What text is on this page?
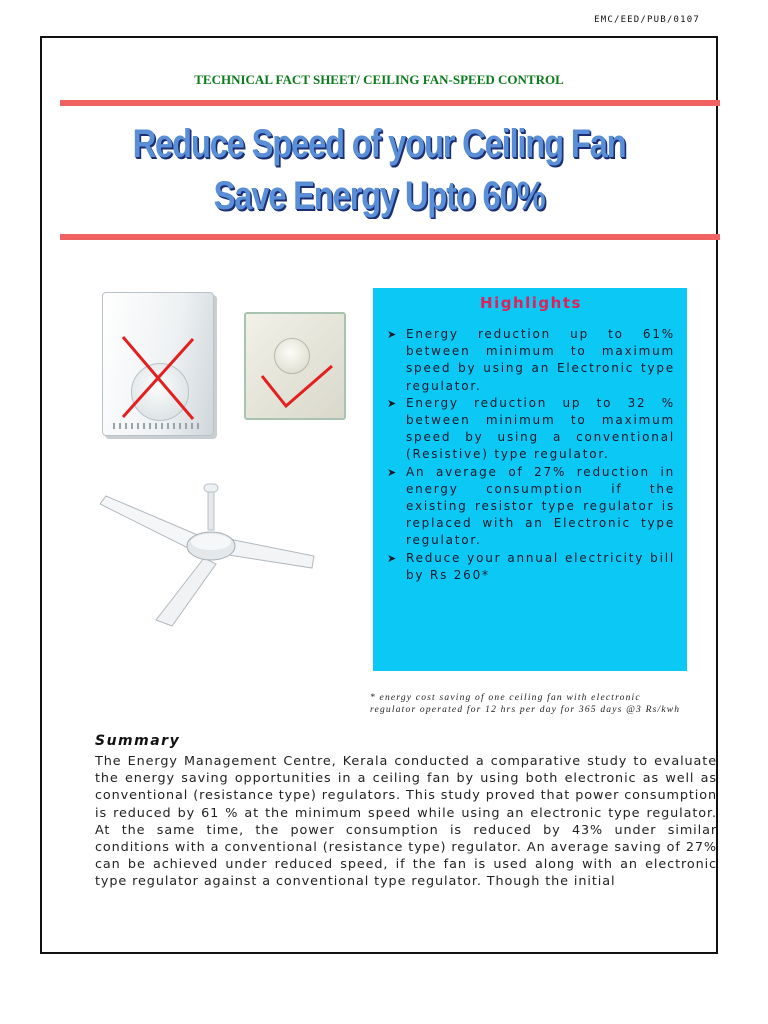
EMC/EED/PUB/0107
TECHNICAL FACT SHEET/ CEILING FAN-SPEED CONTROL
Reduce Speed of your Ceiling Fan
Save Energy Upto 60%
Highlights
➤ Energy reduction up to 61% between minimum to maximum speed by using an Electronic type regulator.
➤ Energy reduction up to 32 % between minimum to maximum speed by using a conventional (Resistive) type regulator.
➤ An average of 27% reduction in energy consumption if the existing resistor type regulator is replaced with an Electronic type regulator.
➤ Reduce your annual electricity bill by Rs 260*
* energy cost saving of one ceiling fan with electronic regulator operated for 12 hrs per day for 365 days @3 Rs/kwh
Summary
The Energy Management Centre, Kerala conducted a comparative study to evaluate the energy saving opportunities in a ceiling fan by using both electronic as well as conventional (resistance type) regulators. This study proved that power consumption is reduced by 61 % at the minimum speed while using an electronic type regulator. At the same time, the power consumption is reduced by 43% under similar conditions with a conventional (resistance type) regulator. An average saving of 27% can be achieved under reduced speed, if the fan is used along with an electronic type regulator against a conventional type regulator. Though the initial
